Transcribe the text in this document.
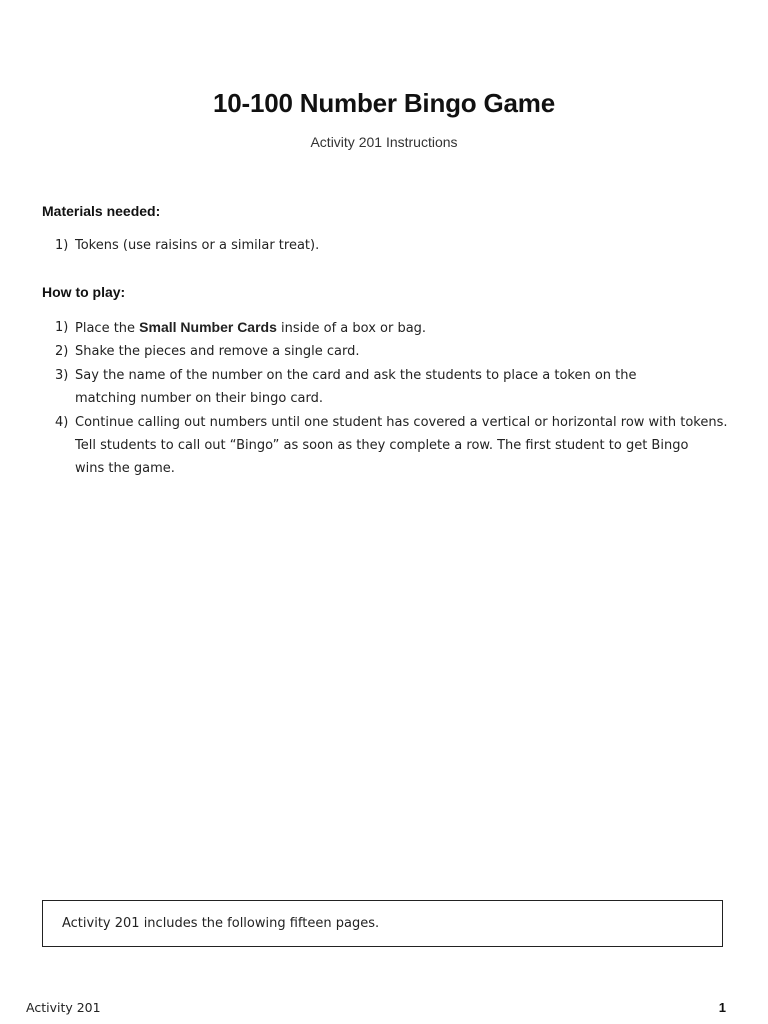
10-100 Number Bingo Game
Activity 201 Instructions
Materials needed:
1) Tokens (use raisins or a similar treat).
How to play:
1) Place the Small Number Cards inside of a box or bag.
2) Shake the pieces and remove a single card.
3) Say the name of the number on the card and ask the students to place a token on the
matching number on their bingo card.
4) Continue calling out numbers until one student has covered a vertical or horizontal row with tokens.
Tell students to call out “Bingo” as soon as they complete a row. The first student to get Bingo
wins the game.
Activity 201 includes the following fifteen pages.
Activity 201	1
